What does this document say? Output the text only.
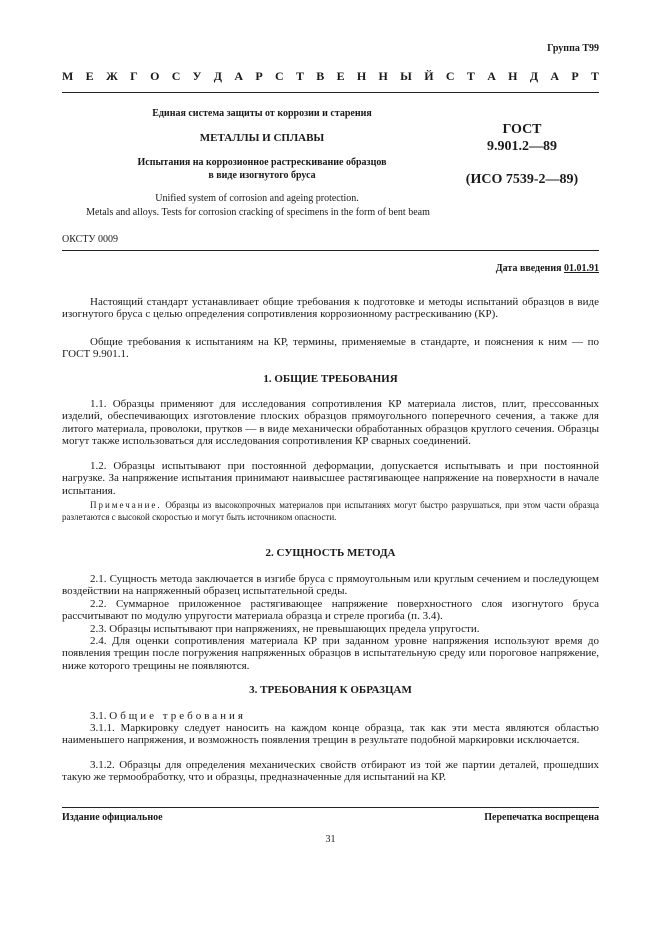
Группа Т99
М Е Ж Г О С У Д А Р С Т В Е Н Н Ы Й С Т А Н Д А Р Т
Единая система защиты от коррозии и старения
МЕТАЛЛЫ И СПЛАВЫ
Испытания на коррозионное растрескивание образцов
в виде изогнутого бруса
ГОСТ
9.901.2—89
(ИСО 7539-2—89)
Unified system of corrosion and ageing protection.
Metals and alloys. Tests for corrosion cracking of specimens in the form of bent beam
ОКСТУ 0009
Дата введения 01.01.91

Настоящий стандарт устанавливает общие требования к подготовке и методы испытаний образцов в виде изогнутого бруса с целью определения сопротивления коррозионному растрескиванию (КР).

Общие требования к испытаниям на КР, термины, применяемые в стандарте, и пояснения к ним — по ГОСТ 9.901.1.

1. ОБЩИЕ ТРЕБОВАНИЯ

1.1. Образцы применяют для исследования сопротивления КР материала листов, плит, прессованных изделий, обеспечивающих изготовление плоских образцов прямоугольного поперечного сечения, а также для литого материала, проволоки, прутков — в виде механически обработанных образцов круглого сечения. Образцы могут также использоваться для исследования сопротивления КР сварных соединений.

1.2. Образцы испытывают при постоянной деформации, допускается испытывать и при постоянной нагрузке. За напряжение испытания принимают наивысшее растягивающее напряжение на поверхности в начале испытания.

Примечание. Образцы из высокопрочных материалов при испытаниях могут быстро разрушаться, при этом части образца разлетаются с высокой скоростью и могут быть источником опасности.

2. СУЩНОСТЬ МЕТОДА

2.1. Сущность метода заключается в изгибе бруса с прямоугольным или круглым сечением и последующем воздействии на напряженный образец испытательной среды.

2.2. Суммарное приложенное растягивающее напряжение поверхностного слоя изогнутого бруса рассчитывают по модулю упругости материала образца и стреле прогиба (п. 3.4).

2.3. Образцы испытывают при напряжениях, не превышающих предела упругости.

2.4. Для оценки сопротивления материала КР при заданном уровне напряжения используют время до появления трещин после погружения напряженных образцов в испытательную среду или пороговое напряжение, ниже которого трещины не появляются.

3. ТРЕБОВАНИЯ К ОБРАЗЦАМ

3.1. Общие требования

3.1.1. Маркировку следует наносить на каждом конце образца, так как эти места являются областью наименьшего напряжения, и возможность появления трещин в результате подобной маркировки исключается.

3.1.2. Образцы для определения механических свойств отбирают из той же партии деталей, прошедших такую же термообработку, что и образцы, предназначенные для испытаний на КР.

Издание официальное	Перепечатка воспрещена
31
